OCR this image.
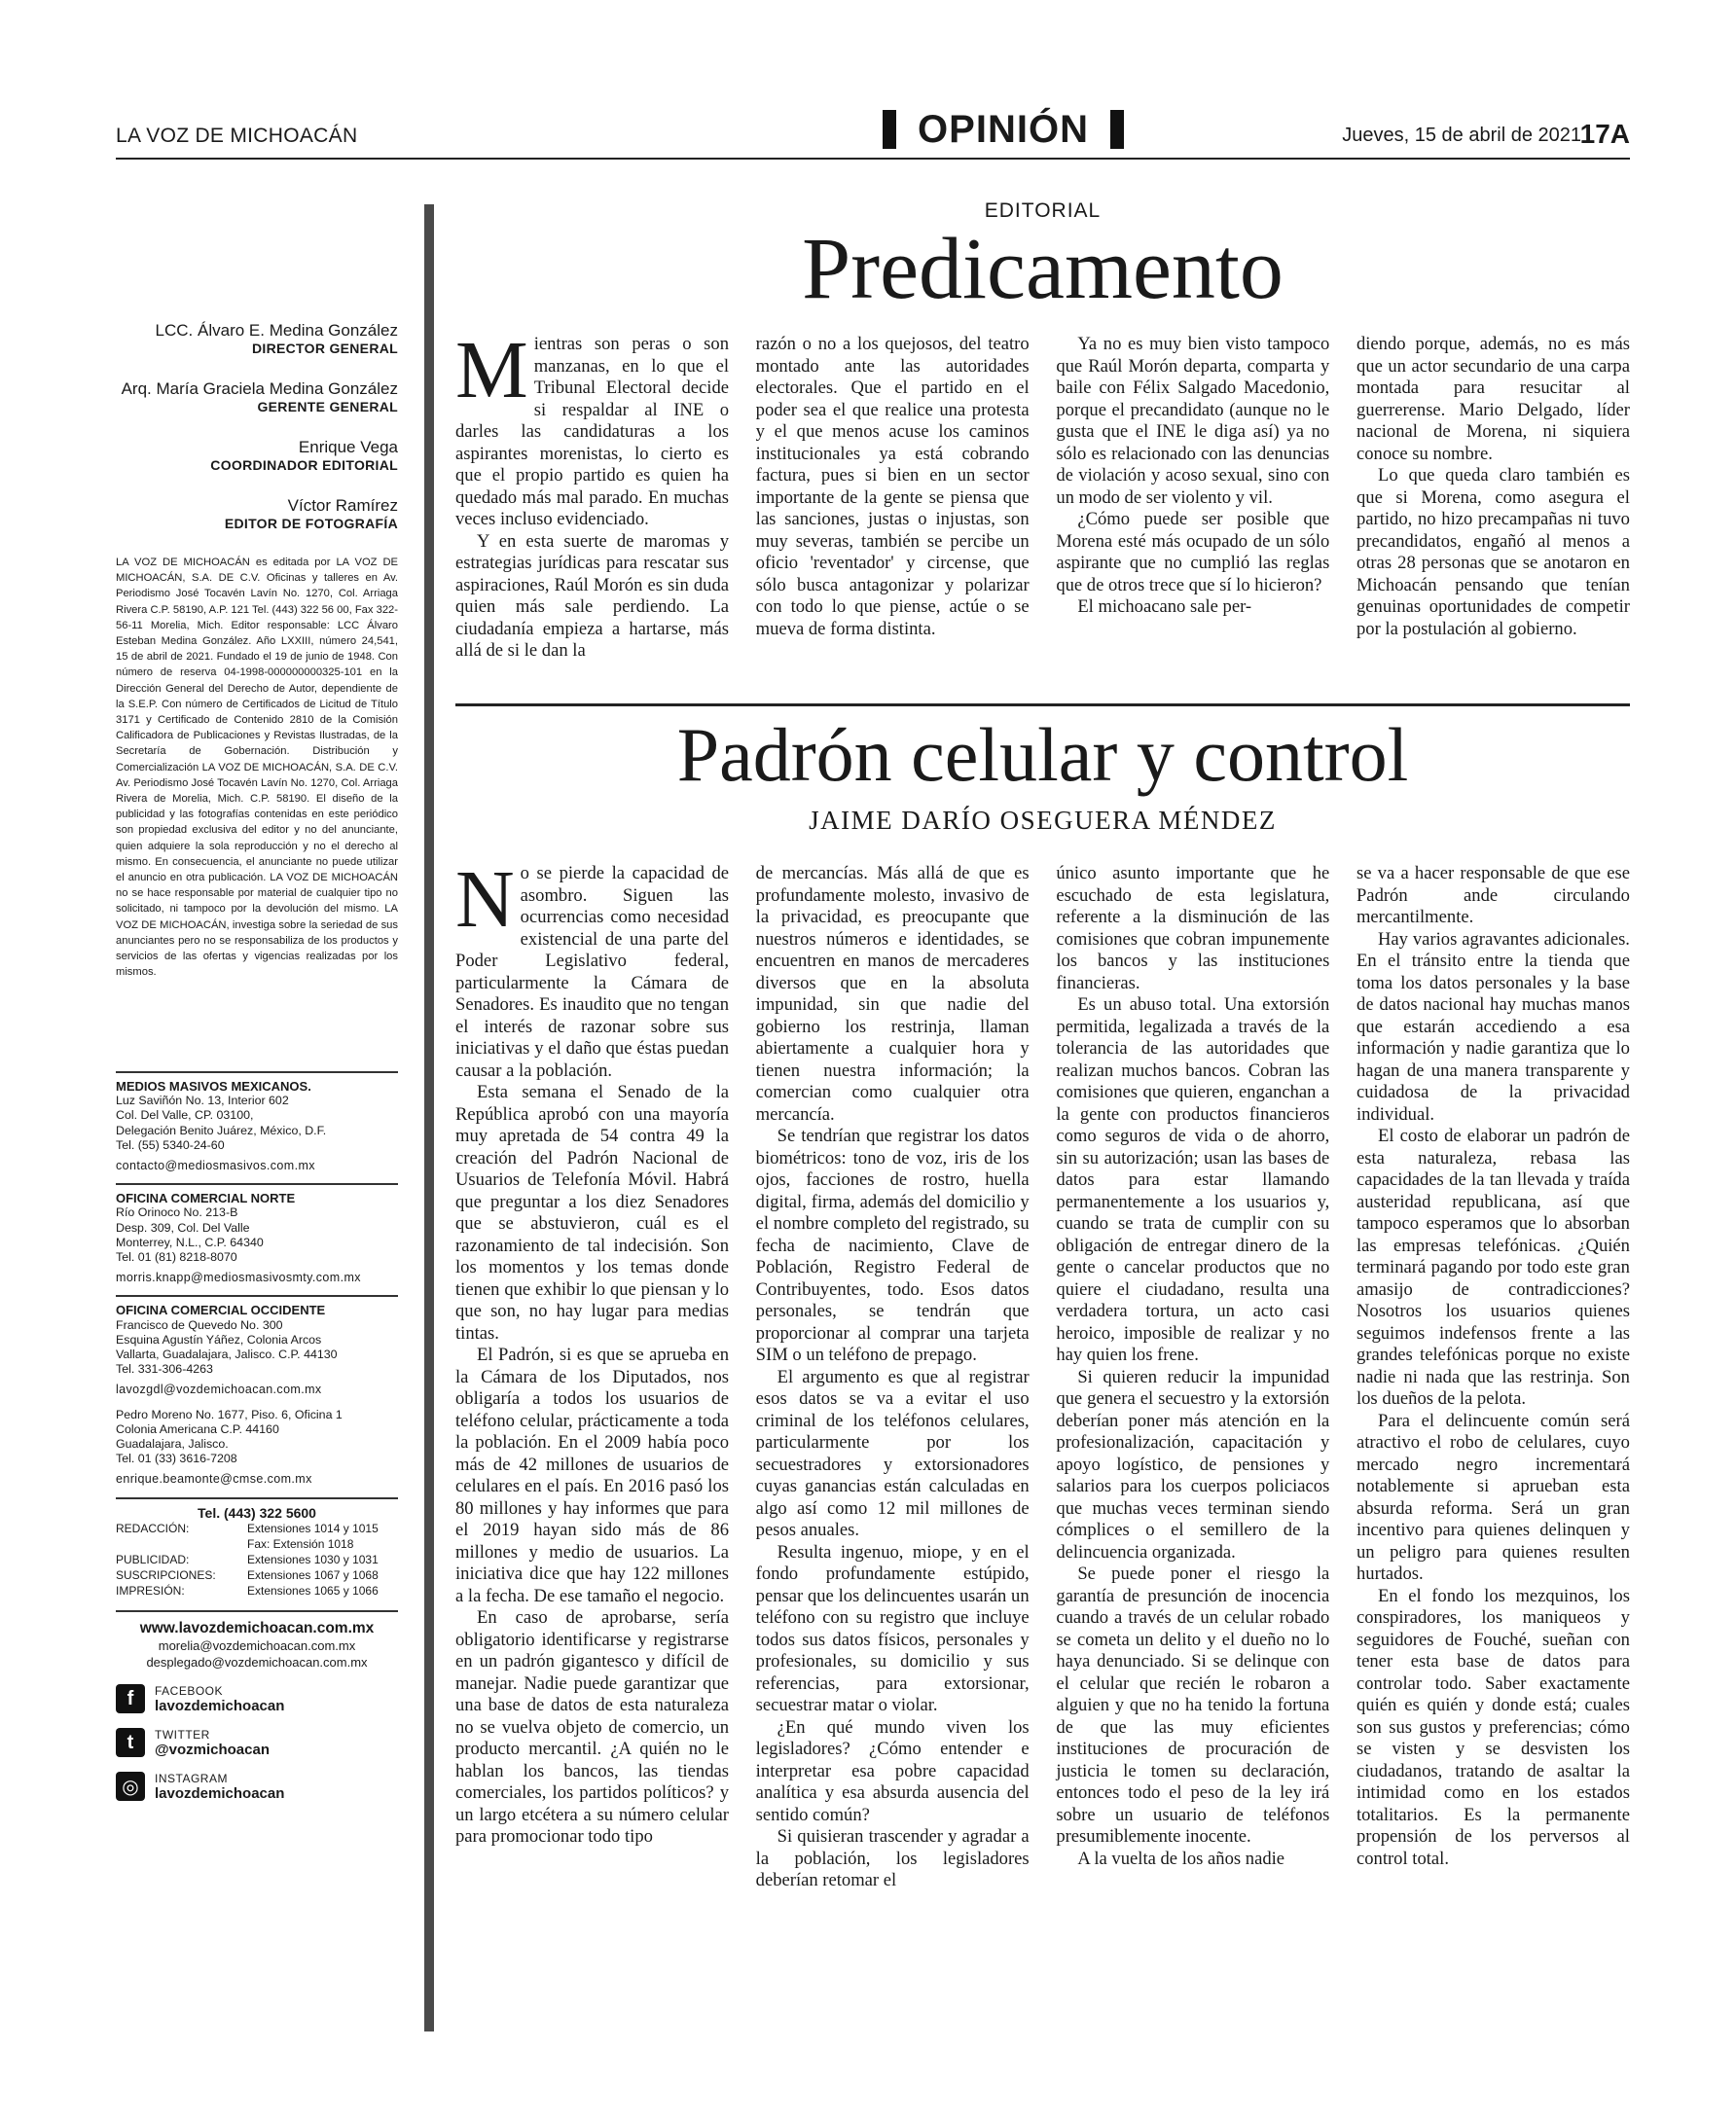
LA VOZ DE MICHOACÁN	OPINIÓN	Jueves, 15 de abril de 2021
17A
LCC. Álvaro E. Medina González
DIRECTOR GENERAL
Arq. María Graciela Medina González
GERENTE GENERAL
Enrique Vega
COORDINADOR EDITORIAL
Víctor Ramírez
EDITOR DE FOTOGRAFÍA
LA VOZ DE MICHOACÁN es editada por LA VOZ DE MICHOACÁN, S.A. DE C.V. Oficinas y talleres en Av. Periodismo José Tocavén Lavín No. 1270, Col. Arriaga Rivera C.P. 58190, A.P. 121 Tel. (443) 322 56 00, Fax 322-56-11 Morelia, Mich. Editor responsable: LCC Álvaro Esteban Medina González. Año LXXIII, número 24,541, 15 de abril de 2021. Fundado el 19 de junio de 1948. Con número de reserva 04-1998-000000000325-101 en la Dirección General del Derecho de Autor, dependiente de la S.E.P. Con número de Certificados de Licitud de Título 3171 y Certificado de Contenido 2810 de la Comisión Calificadora de Publicaciones y Revistas Ilustradas, de la Secretaría de Gobernación. Distribución y Comercialización LA VOZ DE MICHOACÁN, S.A. DE C.V. Av. Periodismo José Tocavén Lavín No. 1270, Col. Arriaga Rivera de Morelia, Mich. C.P. 58190. El diseño de la publicidad y las fotografías contenidas en este periódico son propiedad exclusiva del editor y no del anunciante, quien adquiere la sola reproducción y no el derecho al mismo. En consecuencia, el anunciante no puede utilizar el anuncio en otra publicación. LA VOZ DE MICHOACÁN no se hace responsable por material de cualquier tipo no solicitado, ni tampoco por la devolución del mismo. LA VOZ DE MICHOACÁN, investiga sobre la seriedad de sus anunciantes pero no se responsabiliza de los productos y servicios de las ofertas y vigencias realizadas por los mismos.
MEDIOS MASIVOS MEXICANOS.
Luz Saviñón No. 13, Interior 602
Col. Del Valle, CP. 03100,
Delegación Benito Juárez, México, D.F.
Tel. (55) 5340-24-60
contacto@mediosmasivos.com.mx
OFICINA COMERCIAL NORTE
Río Orinoco No. 213-B
Desp. 309, Col. Del Valle
Monterrey, N.L., C.P. 64340
Tel. 01 (81) 8218-8070
morris.knapp@mediosmasivosmty.com.mx
OFICINA COMERCIAL OCCIDENTE
Francisco de Quevedo No. 300
Esquina Agustín Yáñez, Colonia Arcos
Vallarta, Guadalajara, Jalisco. C.P. 44130
Tel. 331-306-4263
lavozgdl@vozdemichoacan.com.mx
Pedro Moreno No. 1677, Piso. 6, Oficina 1
Colonia Americana C.P. 44160
Guadalajara, Jalisco.
Tel. 01 (33) 3616-7208
enrique.beamonte@cmse.com.mx
Tel. (443) 322 5600
REDACCIÓN:	Extensiones 1014 y 1015
Fax: Extensión 1018
PUBLICIDAD:	Extensiones 1030 y 1031
SUSCRIPCIONES:	Extensiones 1067 y 1068
IMPRESIÓN:	Extensiones 1065 y 1066
www.lavozdemichoacan.com.mx
morelia@vozdemichoacan.com.mx
desplegado@vozdemichoacan.com.mx
f	FACEBOOK
lavozdemichoacan
t	TWITTER
@vozmichoacan
◎	INSTAGRAM
lavozdemichoacan
EDITORIAL
Predicamento

Mientras son peras o son manzanas, en lo que el Tribunal Electoral decide si respaldar al INE o darles las candidaturas a los aspirantes morenistas, lo cierto es que el propio partido es quien ha quedado más mal parado. En muchas veces incluso evidenciado.

Y en esta suerte de maromas y estrategias jurídicas para rescatar sus aspiraciones, Raúl Morón es sin duda quien más sale perdiendo. La ciudadanía empieza a hartarse, más allá de si le dan la

razón o no a los quejosos, del teatro montado ante las autoridades electorales. Que el partido en el poder sea el que realice una protesta y el que menos acuse los caminos institucionales ya está cobrando factura, pues si bien en un sector importante de la gente se piensa que las sanciones, justas o injustas, son muy severas, también se percibe un oficio 'reventador' y circense, que sólo busca antagonizar y polarizar con todo lo que piense, actúe o se mueva de forma distinta.

Ya no es muy bien visto tampoco que Raúl Morón departa, comparta y baile con Félix Salgado Macedonio, porque el precandidato (aunque no le gusta que el INE le diga así) ya no sólo es relacionado con las denuncias de violación y acoso sexual, sino con un modo de ser violento y vil.

¿Cómo puede ser posible que Morena esté más ocupado de un sólo aspirante que no cumplió las reglas que de otros trece que sí lo hicieron?

El michoacano sale per-

diendo porque, además, no es más que un actor secundario de una carpa montada para resucitar al guerrerense. Mario Delgado, líder nacional de Morena, ni siquiera conoce su nombre.

Lo que queda claro también es que si Morena, como asegura el partido, no hizo precampañas ni tuvo precandidatos, engañó al menos a otras 28 personas que se anotaron en Michoacán pensando que tenían genuinas oportunidades de competir por la postulación al gobierno.

Padrón celular y control
JAIME DARÍO OSEGUERA MÉNDEZ

No se pierde la capacidad de asombro. Siguen las ocurrencias como necesidad existencial de una parte del Poder Legislativo federal, particularmente la Cámara de Senadores. Es inaudito que no tengan el interés de razonar sobre sus iniciativas y el daño que éstas puedan causar a la población.

Esta semana el Senado de la República aprobó con una mayoría muy apretada de 54 contra 49 la creación del Padrón Nacional de Usuarios de Telefonía Móvil. Habrá que preguntar a los diez Senadores que se abstuvieron, cuál es el razonamiento de tal indecisión. Son los momentos y los temas donde tienen que exhibir lo que piensan y lo que son, no hay lugar para medias tintas.

El Padrón, si es que se aprueba en la Cámara de los Diputados, nos obligaría a todos los usuarios de teléfono celular, prácticamente a toda la población. En el 2009 había poco más de 42 millones de usuarios de celulares en el país. En 2016 pasó los 80 millones y hay informes que para el 2019 hayan sido más de 86 millones y medio de usuarios. La iniciativa dice que hay 122 millones a la fecha. De ese tamaño el negocio.

En caso de aprobarse, sería obligatorio identificarse y registrarse en un padrón gigantesco y difícil de manejar. Nadie puede garantizar que una base de datos de esta naturaleza no se vuelva objeto de comercio, un producto mercantil. ¿A quién no le hablan los bancos, las tiendas comerciales, los partidos políticos? y un largo etcétera a su número celular para promocionar todo tipo

de mercancías. Más allá de que es profundamente molesto, invasivo de la privacidad, es preocupante que nuestros números e identidades, se encuentren en manos de mercaderes diversos que en la absoluta impunidad, sin que nadie del gobierno los restrinja, llaman abiertamente a cualquier hora y tienen nuestra información; la comercian como cualquier otra mercancía.

Se tendrían que registrar los datos biométricos: tono de voz, iris de los ojos, facciones de rostro, huella digital, firma, además del domicilio y el nombre completo del registrado, su fecha de nacimiento, Clave de Población, Registro Federal de Contribuyentes, todo. Esos datos personales, se tendrán que proporcionar al comprar una tarjeta SIM o un teléfono de prepago.

El argumento es que al registrar esos datos se va a evitar el uso criminal de los teléfonos celulares, particularmente por los secuestradores y extorsionadores cuyas ganancias están calculadas en algo así como 12 mil millones de pesos anuales.

Resulta ingenuo, miope, y en el fondo profundamente estúpido, pensar que los delincuentes usarán un teléfono con su registro que incluye todos sus datos físicos, personales y profesionales, su domicilio y sus referencias, para extorsionar, secuestrar matar o violar.

¿En qué mundo viven los legisladores? ¿Cómo entender e interpretar esa pobre capacidad analítica y esa absurda ausencia del sentido común?

Si quisieran trascender y agradar a la población, los legisladores deberían retomar el

único asunto importante que he escuchado de esta legislatura, referente a la disminución de las comisiones que cobran impunemente los bancos y las instituciones financieras.

Es un abuso total. Una extorsión permitida, legalizada a través de la tolerancia de las autoridades que realizan muchos bancos. Cobran las comisiones que quieren, enganchan a la gente con productos financieros como seguros de vida o de ahorro, sin su autorización; usan las bases de datos para estar llamando permanentemente a los usuarios y, cuando se trata de cumplir con su obligación de entregar dinero de la gente o cancelar productos que no quiere el ciudadano, resulta una verdadera tortura, un acto casi heroico, imposible de realizar y no hay quien los frene.

Si quieren reducir la impunidad que genera el secuestro y la extorsión deberían poner más atención en la profesionalización, capacitación y apoyo logístico, de pensiones y salarios para los cuerpos policiacos que muchas veces terminan siendo cómplices o el semillero de la delincuencia organizada.

Se puede poner el riesgo la garantía de presunción de inocencia cuando a través de un celular robado se cometa un delito y el dueño no lo haya denunciado. Si se delinque con el celular que recién le robaron a alguien y que no ha tenido la fortuna de que las muy eficientes instituciones de procuración de justicia le tomen su declaración, entonces todo el peso de la ley irá sobre un usuario de teléfonos presumiblemente inocente.

A la vuelta de los años nadie

se va a hacer responsable de que ese Padrón ande circulando mercantilmente.

Hay varios agravantes adicionales. En el tránsito entre la tienda que toma los datos personales y la base de datos nacional hay muchas manos que estarán accediendo a esa información y nadie garantiza que lo hagan de una manera transparente y cuidadosa de la privacidad individual.

El costo de elaborar un padrón de esta naturaleza, rebasa las capacidades de la tan llevada y traída austeridad republicana, así que tampoco esperamos que lo absorban las empresas telefónicas. ¿Quién terminará pagando por todo este gran amasijo de contradicciones? Nosotros los usuarios quienes seguimos indefensos frente a las grandes telefónicas porque no existe nadie ni nada que las restrinja. Son los dueños de la pelota.

Para el delincuente común será atractivo el robo de celulares, cuyo mercado negro incrementará notablemente si aprueban esta absurda reforma. Será un gran incentivo para quienes delinquen y un peligro para quienes resulten hurtados.

En el fondo los mezquinos, los conspiradores, los maniqueos y seguidores de Fouché, sueñan con tener esta base de datos para controlar todo. Saber exactamente quién es quién y donde está; cuales son sus gustos y preferencias; cómo se visten y se desvisten los ciudadanos, tratando de asaltar la intimidad como en los estados totalitarios. Es la permanente propensión de los perversos al control total.
